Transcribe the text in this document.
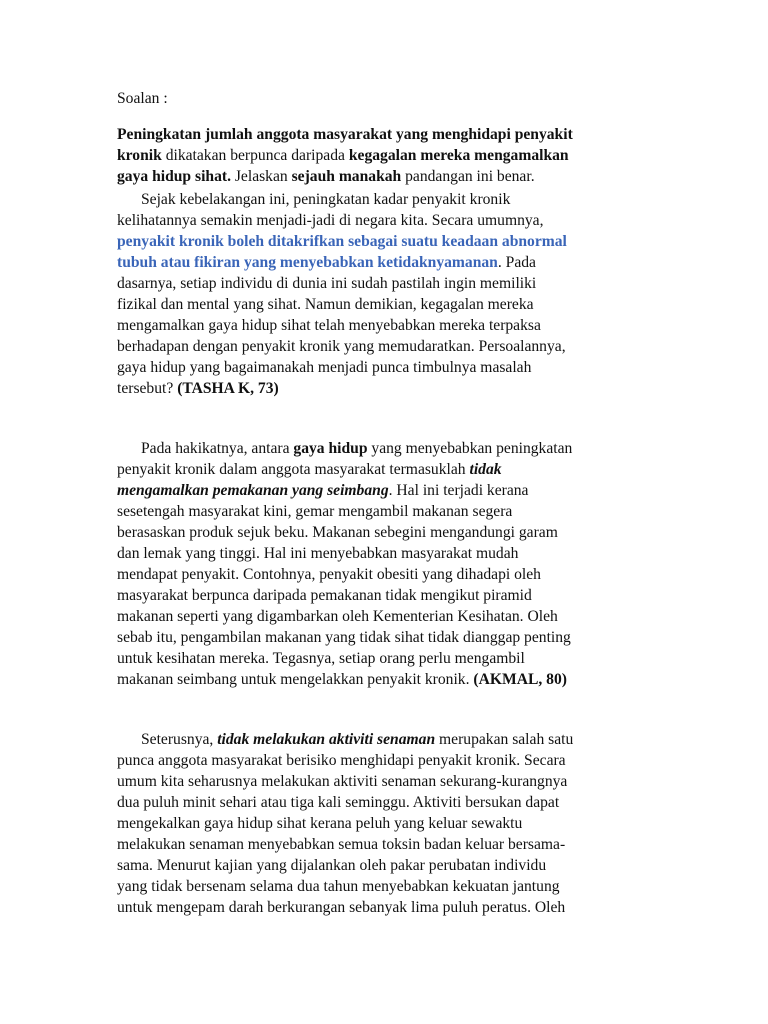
Soalan :
Peningkatan jumlah anggota masyarakat yang menghidapi penyakit
kronik dikatakan berpunca daripada kegagalan mereka mengamalkan
gaya hidup sihat. Jelaskan sejauh manakah pandangan ini benar.
Sejak kebelakangan ini, peningkatan kadar penyakit kronik
kelihatannya semakin menjadi-jadi di negara kita. Secara umumnya,
penyakit kronik boleh ditakrifkan sebagai suatu keadaan abnormal
tubuh atau fikiran yang menyebabkan ketidaknyamanan. Pada
dasarnya, setiap individu di dunia ini sudah pastilah ingin memiliki
fizikal dan mental yang sihat. Namun demikian, kegagalan mereka
mengamalkan gaya hidup sihat telah menyebabkan mereka terpaksa
berhadapan dengan penyakit kronik yang memudaratkan. Persoalannya,
gaya hidup yang bagaimanakah menjadi punca timbulnya masalah
tersebut? (TASHA K, 73)
Pada hakikatnya, antara gaya hidup yang menyebabkan peningkatan
penyakit kronik dalam anggota masyarakat termasuklah tidak
mengamalkan pemakanan yang seimbang. Hal ini terjadi kerana
sesetengah masyarakat kini, gemar mengambil makanan segera
berasaskan produk sejuk beku. Makanan sebegini mengandungi garam
dan lemak yang tinggi. Hal ini menyebabkan masyarakat mudah
mendapat penyakit. Contohnya, penyakit obesiti yang dihadapi oleh
masyarakat berpunca daripada pemakanan tidak mengikut piramid
makanan seperti yang digambarkan oleh Kementerian Kesihatan. Oleh
sebab itu, pengambilan makanan yang tidak sihat tidak dianggap penting
untuk kesihatan mereka. Tegasnya, setiap orang perlu mengambil
makanan seimbang untuk mengelakkan penyakit kronik. (AKMAL, 80)
Seterusnya, tidak melakukan aktiviti senaman merupakan salah satu
punca anggota masyarakat berisiko menghidapi penyakit kronik. Secara
umum kita seharusnya melakukan aktiviti senaman sekurang-kurangnya
dua puluh minit sehari atau tiga kali seminggu. Aktiviti bersukan dapat
mengekalkan gaya hidup sihat kerana peluh yang keluar sewaktu
melakukan senaman menyebabkan semua toksin badan keluar bersama-
sama. Menurut kajian yang dijalankan oleh pakar perubatan individu
yang tidak bersenam selama dua tahun menyebabkan kekuatan jantung
untuk mengepam darah berkurangan sebanyak lima puluh peratus. Oleh
